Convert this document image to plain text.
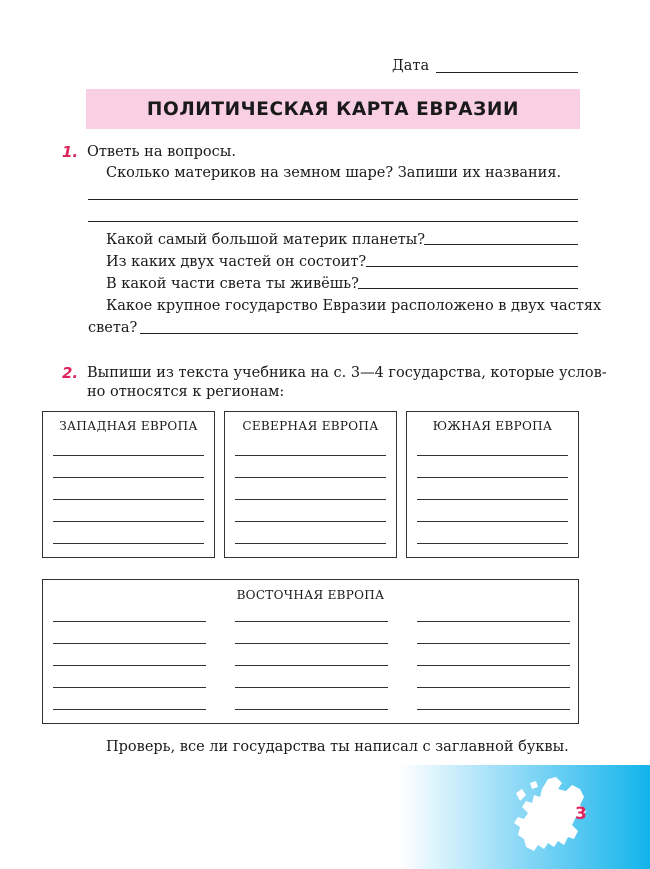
Дата
ПОЛИТИЧЕСКАЯ КАРТА ЕВРАЗИИ
1. Ответь на вопросы.
Сколько материков на земном шаре? Запиши их названия.
Какой самый большой материк планеты?
Из каких двух частей он состоит?
В какой части света ты живёшь?
Какое крупное государство Евразии расположено в двух частях
света?
2. Выпиши из текста учебника на с. 3—4 государства, которые услов-
но относятся к регионам:
ЗАПАДНАЯ ЕВРОПА	СЕВЕРНАЯ ЕВРОПА	ЮЖНАЯ ЕВРОПА
ВОСТОЧНАЯ ЕВРОПА
Проверь, все ли государства ты написал с заглавной буквы.
3
